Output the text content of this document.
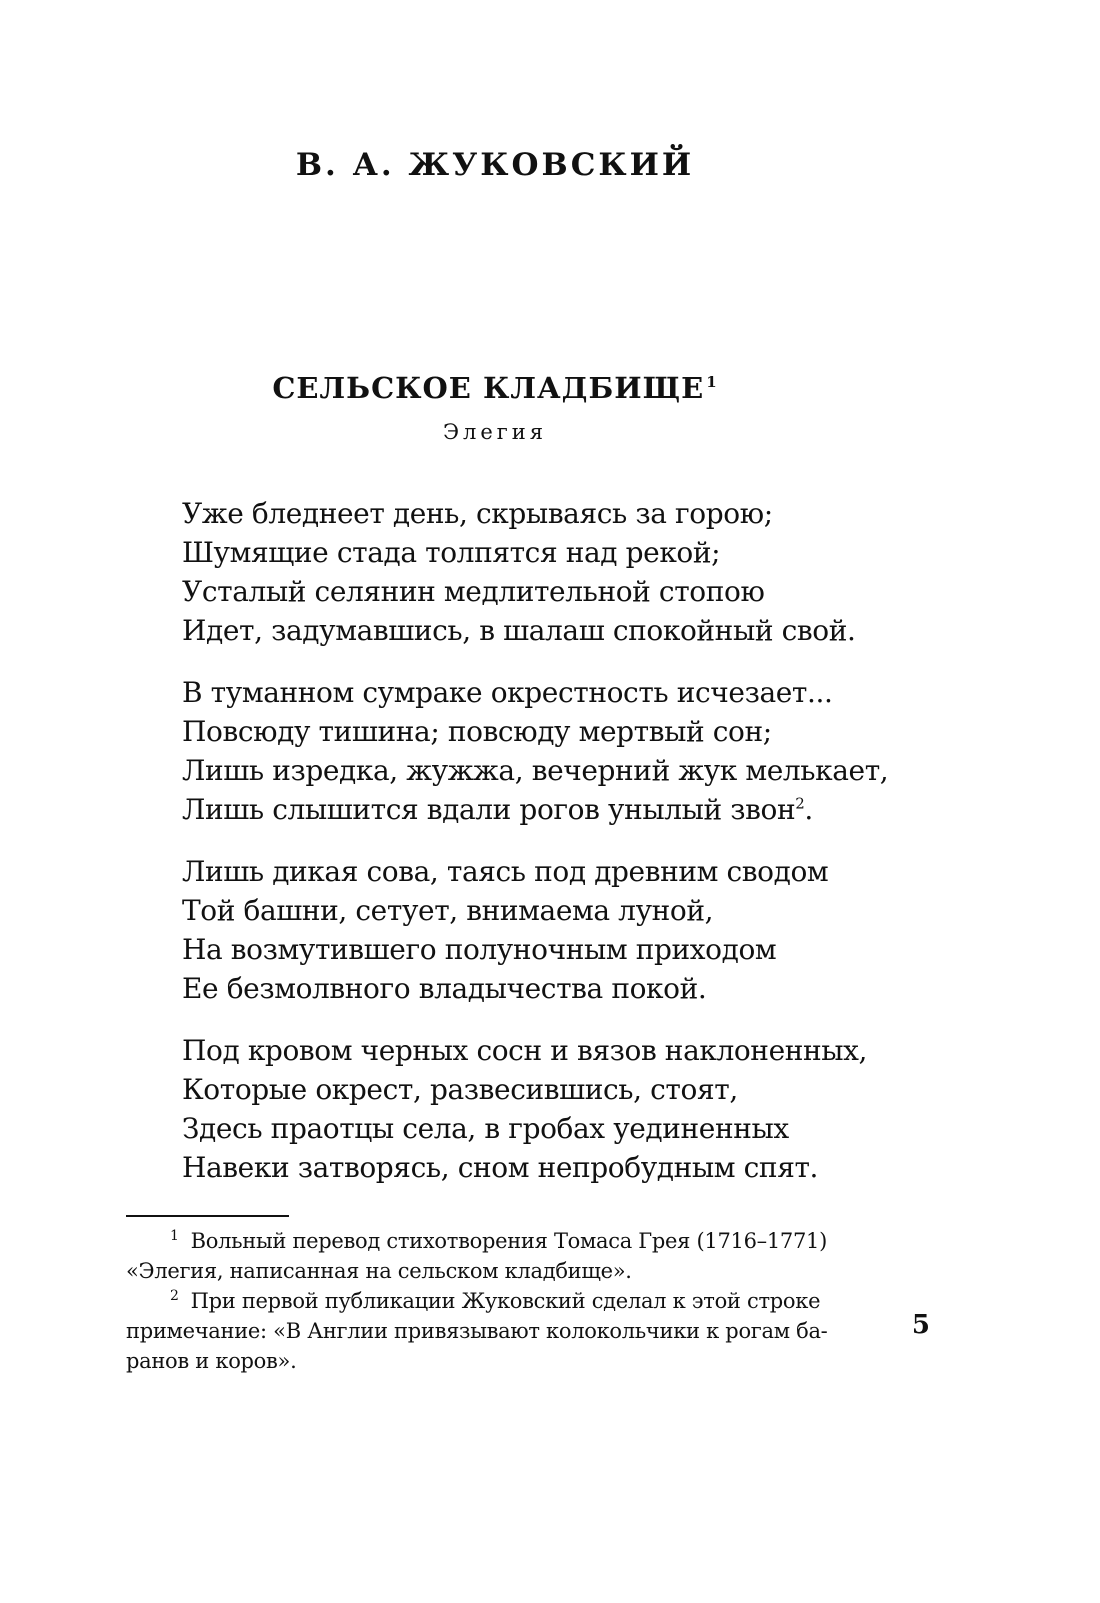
В. А. ЖУКОВСКИЙ
СЕЛЬСКОЕ КЛАДБИЩЕ $^1$
Элегия
Уже бледнеет день, скрываясь за горою;
Шумящие стада толпятся над рекой;
Усталый селянин медлительной стопою
Идет, задумавшись, в шалаш спокойный свой.
В туманном сумраке окрестность исчезает...
Повсюду тишина; повсюду мертвый сон;
Лишь изредка, жужжа, вечерний жук мелькает,
Лишь слышится вдали рогов унылый звон$^2$.
Лишь дикая сова, таясь под древним сводом
Той башни, сетует, внимаема луной,
На возмутившего полуночным приходом
Ее безмолвного владычества покой.
Под кровом черных сосн и вязов наклоненных,
Которые окрест, развесившись, стоят,
Здесь праотцы села, в гробах уединенных
Навеки затворясь, сном непробудным спят.
$^1$ Вольный перевод стихотворения Томаса Грея (1716–1771)
«Элегия, написанная на сельском кладбище».
$^2$ При первой публикации Жуковский сделал к этой строке
примечание: «В Англии привязывают колокольчики к рогам ба-
ранов и коров».
5
